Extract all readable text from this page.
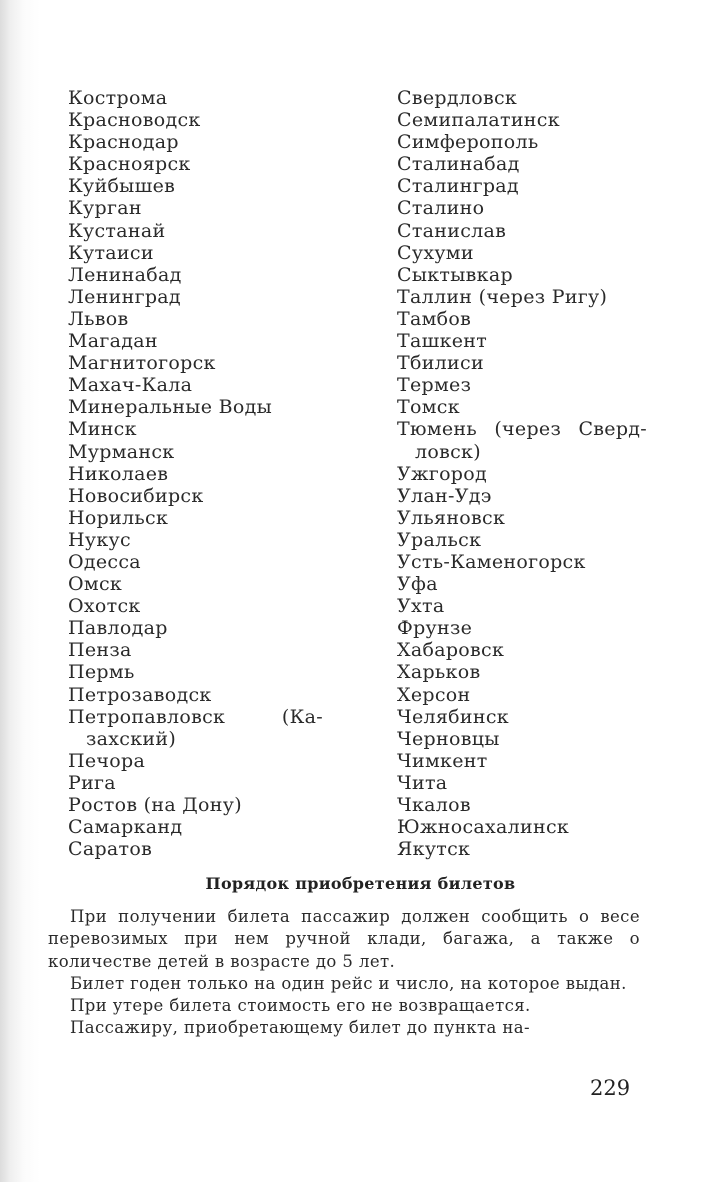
Кострома
Красноводск
Краснодар
Красноярск
Куйбышев
Курган
Кустанай
Кутаиси
Ленинабад
Ленинград
Львов
Магадан
Магнитогорск
Махач-Кала
Минеральные Воды
Минск
Мурманск
Николаев
Новосибирск
Норильск
Нукус
Одесса
Омск
Охотск
Павлодар
Пенза
Пермь
Петрозаводск
Петропавловск	(Ка-
захский)
Печора
Рига
Ростов (на Дону)
Самарканд
Саратов
Свердловск
Семипалатинск
Симферополь
Сталинабад
Сталинград
Сталино
Станислав
Сухуми
Сыктывкар
Таллин (через Ригу)
Тамбов
Ташкент
Тбилиси
Термез
Томск
Тюмень (через Сверд-
ловск)
Ужгород
Улан-Удэ
Ульяновск
Уральск
Усть-Каменогорск
Уфа
Ухта
Фрунзе
Хабаровск
Харьков
Херсон
Челябинск
Черновцы
Чимкент
Чита
Чкалов
Южносахалинск
Якутск
Порядок приобретения билетов

При получении билета пассажир должен сообщить о весе перевозимых при нем ручной клади, багажа, а также о количестве детей в возрасте до 5 лет.

Билет годен только на один рейс и число, на которое выдан.

При утере билета стоимость его не возвращается.

Пассажиру, приобретающему билет до пункта на-

229
